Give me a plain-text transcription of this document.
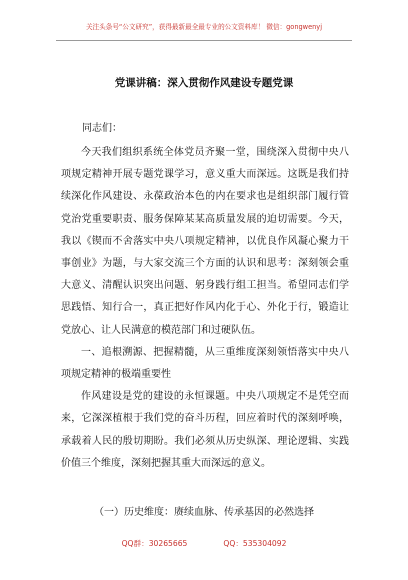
关注头条号“公文研究”，获得最新最全最专业的公文资料库！ 微信：gongwenyj
党课讲稿：深入贯彻作风建设专题党课
同志们：

今天我们组织系统全体党员齐聚一堂，围绕深入贯彻中央八项规定精神开展专题党课学习，意义重大而深远。这既是我们持续深化作风建设、永葆政治本色的内在要求也是组织部门履行管党治党重要职责、服务保障某某高质量发展的迫切需要。今天，我以《锲而不舍落实中央八项规定精神，以优良作风凝心聚力干事创业》为题，与大家交流三个方面的认识和思考：深刻领会重大意义、清醒认识突出问题、躬身践行组工担当。希望同志们学思践悟、知行合一，真正把好作风内化于心、外化于行，锻造让党放心、让人民满意的模范部门和过硬队伍。

一、追根溯源、把握精髓，从三重维度深刻领悟落实中央八项规定精神的极端重要性

作风建设是党的建设的永恒课题。中央八项规定不是凭空而来，它深深植根于我们党的奋斗历程，回应着时代的深刻呼唤，承载着人民的殷切期盼。我们必须从历史纵深、理论逻辑、实践价值三个维度，深刻把握其重大而深远的意义。

（一）历史维度：赓续血脉、传承基因的必然选择
QQ群：30265665	QQ：535304092
